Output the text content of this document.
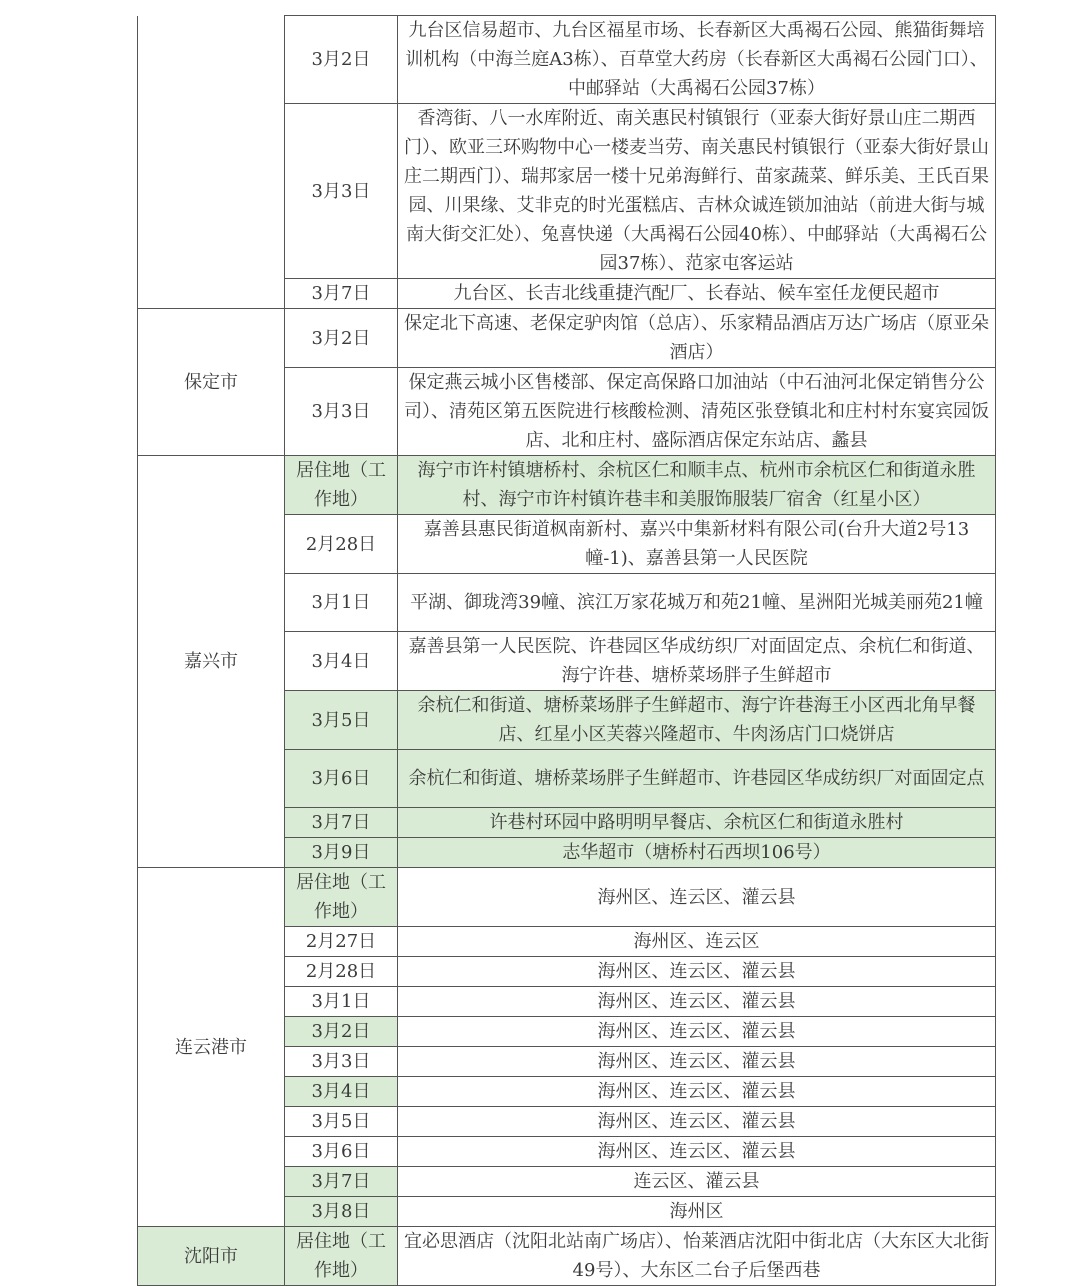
	3月2日	九台区信易超市、九台区福星市场、长春新区大禹褐石公园、熊猫街舞培训机构（中海兰庭A3栋）、百草堂大药房（长春新区大禹褐石公园门口）、中邮驿站（大禹褐石公园37栋）
	3月3日	香湾街、八一水库附近、南关惠民村镇银行（亚泰大街好景山庄二期西门）、欧亚三环购物中心一楼麦当劳、南关惠民村镇银行（亚泰大街好景山庄二期西门）、瑞邦家居一楼十兄弟海鲜行、苗家蔬菜、鲜乐美、王氏百果园、川果缘、艾非克的时光蛋糕店、吉林众诚连锁加油站（前进大街与城南大街交汇处）、兔喜快递（大禹褐石公园40栋）、中邮驿站（大禹褐石公园37栋）、范家屯客运站
	3月7日	九台区、长吉北线重捷汽配厂、长春站、候车室任龙便民超市
保定市	3月2日	保定北下高速、老保定驴肉馆（总店）、乐家精品酒店万达广场店（原亚朵酒店）
	3月3日	保定燕云城小区售楼部、保定高保路口加油站（中石油河北保定销售分公司）、清苑区第五医院进行核酸检测、清苑区张登镇北和庄村村东宴宾园饭店、北和庄村、盛际酒店保定东站店、蠡县
嘉兴市	居住地（工作地）	海宁市许村镇塘桥村、余杭区仁和顺丰点、杭州市余杭区仁和街道永胜村、海宁市许村镇许巷丰和美服饰服装厂宿舍（红星小区）
	2月28日	嘉善县惠民街道枫南新村、嘉兴中集新材料有限公司(台升大道2号13幢-1)、嘉善县第一人民医院
	3月1日	平湖、御珑湾39幢、滨江万家花城万和苑21幢、星洲阳光城美丽苑21幢
	3月4日	嘉善县第一人民医院、许巷园区华成纺织厂对面固定点、余杭仁和街道、海宁许巷、塘桥菜场胖子生鲜超市
	3月5日	余杭仁和街道、塘桥菜场胖子生鲜超市、海宁许巷海王小区西北角早餐店、红星小区芙蓉兴隆超市、牛肉汤店门口烧饼店
	3月6日	余杭仁和街道、塘桥菜场胖子生鲜超市、许巷园区华成纺织厂对面固定点
	3月7日	许巷村环园中路明明早餐店、余杭区仁和街道永胜村
	3月9日	志华超市（塘桥村石西坝106号）
连云港市	居住地（工作地）	海州区、连云区、灌云县
	2月27日	海州区、连云区
	2月28日	海州区、连云区、灌云县
	3月1日	海州区、连云区、灌云县
	3月2日	海州区、连云区、灌云县
	3月3日	海州区、连云区、灌云县
	3月4日	海州区、连云区、灌云县
	3月5日	海州区、连云区、灌云县
	3月6日	海州区、连云区、灌云县
	3月7日	连云区、灌云县
	3月8日	海州区
沈阳市	居住地（工作地）	宜必思酒店（沈阳北站南广场店）、怡莱酒店沈阳中街北店（大东区大北街49号）、大东区二台子后堡西巷
